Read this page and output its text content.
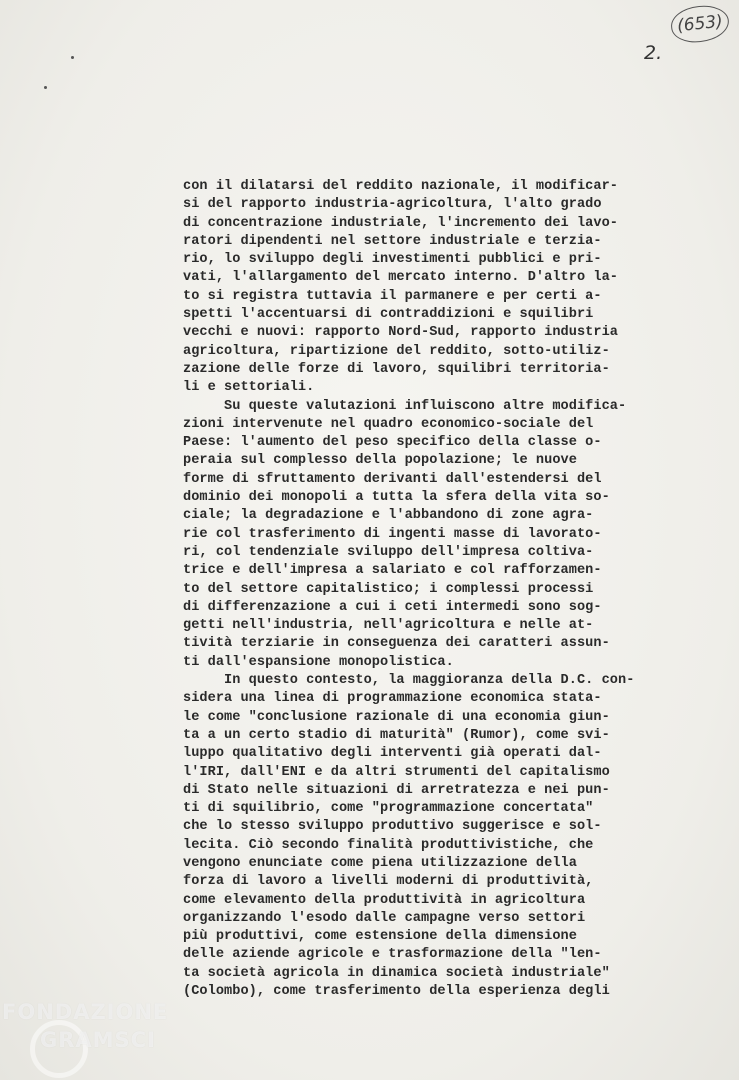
(653)
2.
con il dilatarsi del reddito nazionale, il modificar-
si del rapporto industria-agricoltura, l'alto grado
di concentrazione industriale, l'incremento dei lavo-
ratori dipendenti nel settore industriale e terzia-
rio, lo sviluppo degli investimenti pubblici e pri-
vati, l'allargamento del mercato interno. D'altro la-
to si registra tuttavia il parmanere e per certi a-
spetti l'accentuarsi di contraddizioni e squilibri
vecchi e nuovi: rapporto Nord-Sud, rapporto industria
agricoltura, ripartizione del reddito, sotto-utiliz-
zazione delle forze di lavoro, squilibri territoria-
li e settoriali.
Su queste valutazioni influiscono altre modifica-
zioni intervenute nel quadro economico-sociale del
Paese: l'aumento del peso specifico della classe o-
peraia sul complesso della popolazione; le nuove
forme di sfruttamento derivanti dall'estendersi del
dominio dei monopoli a tutta la sfera della vita so-
ciale; la degradazione e l'abbandono di zone agra-
rie col trasferimento di ingenti masse di lavorato-
ri, col tendenziale sviluppo dell'impresa coltiva-
trice e dell'impresa a salariato e col rafforzamen-
to del settore capitalistico; i complessi processi
di differenzazione a cui i ceti intermedi sono sog-
getti nell'industria, nell'agricoltura e nelle at-
tività terziarie in conseguenza dei caratteri assun-
ti dall'espansione monopolistica.
In questo contesto, la maggioranza della D.C. con-
sidera una linea di programmazione economica stata-
le come "conclusione razionale di una economia giun-
ta a un certo stadio di maturità" (Rumor), come svi-
luppo qualitativo degli interventi già operati dal-
l'IRI, dall'ENI e da altri strumenti del capitalismo
di Stato nelle situazioni di arretratezza e nei pun-
ti di squilibrio, come "programmazione concertata"
che lo stesso sviluppo produttivo suggerisce e sol-
lecita. Ciò secondo finalità produttivistiche, che
vengono enunciate come piena utilizzazione della
forza di lavoro a livelli moderni di produttività,
come elevamento della produttività in agricoltura
organizzando l'esodo dalle campagne verso settori
più produttivi, come estensione della dimensione
delle aziende agricole e trasformazione della "len-
ta società agricola in dinamica società industriale"
(Colombo), come trasferimento della esperienza degli
FONDAZIONE
GRAMSCI
